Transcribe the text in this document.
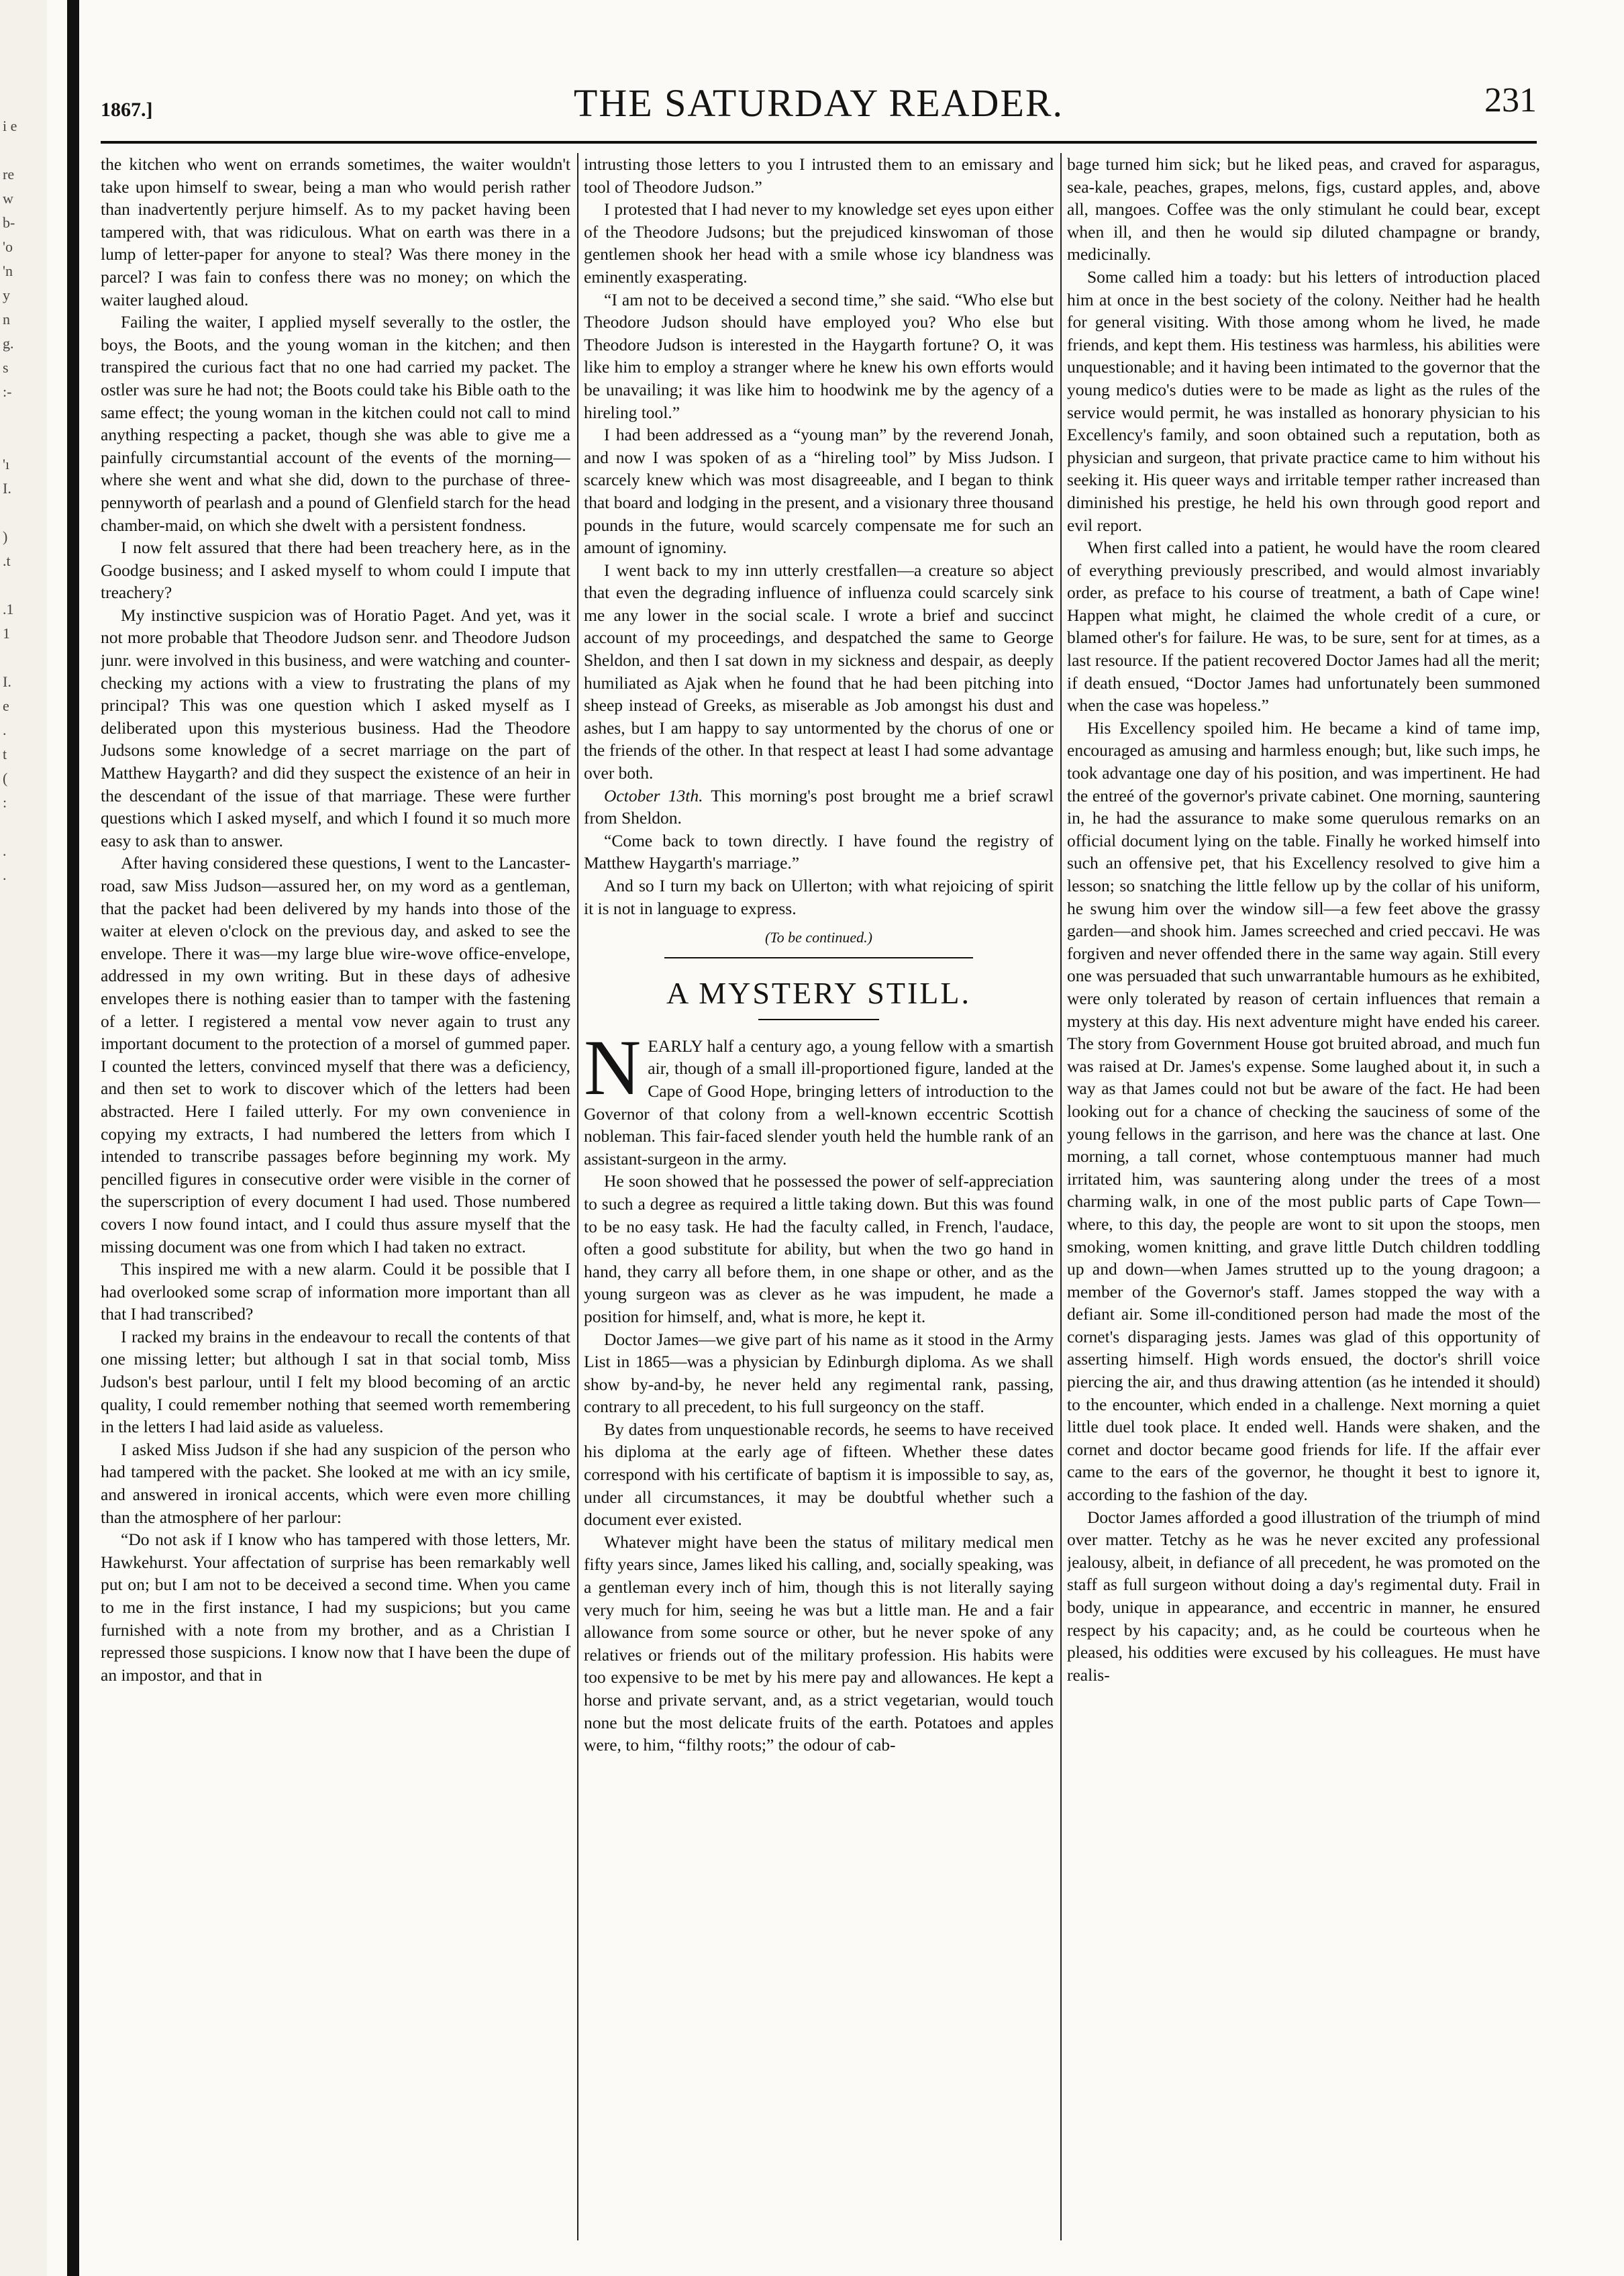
i e

re
w
b-
'o
'n
y
n
g.
s
:-

'ı
I.

)
.t

.1
1

I.
e
.
t
(
:

.
.
1867.]	THE SATURDAY READER.	231

the kitchen who went on errands sometimes, the waiter wouldn't take upon himself to swear, being a man who would perish rather than inadvertently perjure himself. As to my packet having been tampered with, that was ridiculous. What on earth was there in a lump of letter-paper for anyone to steal? Was there money in the parcel? I was fain to confess there was no money; on which the waiter laughed aloud.

Failing the waiter, I applied myself severally to the ostler, the boys, the Boots, and the young woman in the kitchen; and then transpired the curious fact that no one had carried my packet. The ostler was sure he had not; the Boots could take his Bible oath to the same effect; the young woman in the kitchen could not call to mind anything respecting a packet, though she was able to give me a painfully circumstantial account of the events of the morning—where she went and what she did, down to the purchase of three-pennyworth of pearlash and a pound of Glenfield starch for the head chamber-maid, on which she dwelt with a persistent fondness.

I now felt assured that there had been treachery here, as in the Goodge business; and I asked myself to whom could I impute that treachery?

My instinctive suspicion was of Horatio Paget. And yet, was it not more probable that Theodore Judson senr. and Theodore Judson junr. were involved in this business, and were watching and counter-checking my actions with a view to frustrating the plans of my principal? This was one question which I asked myself as I deliberated upon this mysterious business. Had the Theodore Judsons some knowledge of a secret marriage on the part of Matthew Haygarth? and did they suspect the existence of an heir in the descendant of the issue of that marriage. These were further questions which I asked myself, and which I found it so much more easy to ask than to answer.

After having considered these questions, I went to the Lancaster-road, saw Miss Judson—assured her, on my word as a gentleman, that the packet had been delivered by my hands into those of the waiter at eleven o'clock on the previous day, and asked to see the envelope. There it was—my large blue wire-wove office-envelope, addressed in my own writing. But in these days of adhesive envelopes there is nothing easier than to tamper with the fastening of a letter. I registered a mental vow never again to trust any important document to the protection of a morsel of gummed paper. I counted the letters, convinced myself that there was a deficiency, and then set to work to discover which of the letters had been abstracted. Here I failed utterly. For my own convenience in copying my extracts, I had numbered the letters from which I intended to transcribe passages before beginning my work. My pencilled figures in consecutive order were visible in the corner of the superscription of every document I had used. Those numbered covers I now found intact, and I could thus assure myself that the missing document was one from which I had taken no extract.

This inspired me with a new alarm. Could it be possible that I had overlooked some scrap of information more important than all that I had transcribed?

I racked my brains in the endeavour to recall the contents of that one missing letter; but although I sat in that social tomb, Miss Judson's best parlour, until I felt my blood becoming of an arctic quality, I could remember nothing that seemed worth remembering in the letters I had laid aside as valueless.

I asked Miss Judson if she had any suspicion of the person who had tampered with the packet. She looked at me with an icy smile, and answered in ironical accents, which were even more chilling than the atmosphere of her parlour:

“Do not ask if I know who has tampered with those letters, Mr. Hawkehurst. Your affectation of surprise has been remarkably well put on; but I am not to be deceived a second time. When you came to me in the first instance, I had my suspicions; but you came furnished with a note from my brother, and as a Christian I repressed those suspicions. I know now that I have been the dupe of an impostor, and that in

intrusting those letters to you I intrusted them to an emissary and tool of Theodore Judson.”

I protested that I had never to my knowledge set eyes upon either of the Theodore Judsons; but the prejudiced kinswoman of those gentlemen shook her head with a smile whose icy blandness was eminently exasperating.

“I am not to be deceived a second time,” she said. “Who else but Theodore Judson should have employed you? Who else but Theodore Judson is interested in the Haygarth fortune? O, it was like him to employ a stranger where he knew his own efforts would be unavailing; it was like him to hoodwink me by the agency of a hireling tool.”

I had been addressed as a “young man” by the reverend Jonah, and now I was spoken of as a “hireling tool” by Miss Judson. I scarcely knew which was most disagreeable, and I began to think that board and lodging in the present, and a visionary three thousand pounds in the future, would scarcely compensate me for such an amount of ignominy.

I went back to my inn utterly crestfallen—a creature so abject that even the degrading influence of influenza could scarcely sink me any lower in the social scale. I wrote a brief and succinct account of my proceedings, and despatched the same to George Sheldon, and then I sat down in my sickness and despair, as deeply humiliated as Ajak when he found that he had been pitching into sheep instead of Greeks, as miserable as Job amongst his dust and ashes, but I am happy to say untormented by the chorus of one or the friends of the other. In that respect at least I had some advantage over both.

October 13th. This morning's post brought me a brief scrawl from Sheldon.

“Come back to town directly. I have found the registry of Matthew Haygarth's marriage.”

And so I turn my back on Ullerton; with what rejoicing of spirit it is not in language to express.

(To be continued.)
A MYSTERY STILL.

NEARLY half a century ago, a young fellow with a smartish air, though of a small ill-proportioned figure, landed at the Cape of Good Hope, bringing letters of introduction to the Governor of that colony from a well-known eccentric Scottish nobleman. This fair-faced slender youth held the humble rank of an assistant-surgeon in the army.

He soon showed that he possessed the power of self-appreciation to such a degree as required a little taking down. But this was found to be no easy task. He had the faculty called, in French, l'audace, often a good substitute for ability, but when the two go hand in hand, they carry all before them, in one shape or other, and as the young surgeon was as clever as he was impudent, he made a position for himself, and, what is more, he kept it.

Doctor James—we give part of his name as it stood in the Army List in 1865—was a physician by Edinburgh diploma. As we shall show by-and-by, he never held any regimental rank, passing, contrary to all precedent, to his full surgeoncy on the staff.

By dates from unquestionable records, he seems to have received his diploma at the early age of fifteen. Whether these dates correspond with his certificate of baptism it is impossible to say, as, under all circumstances, it may be doubtful whether such a document ever existed.

Whatever might have been the status of military medical men fifty years since, James liked his calling, and, socially speaking, was a gentleman every inch of him, though this is not literally saying very much for him, seeing he was but a little man. He and a fair allowance from some source or other, but he never spoke of any relatives or friends out of the military profession. His habits were too expensive to be met by his mere pay and allowances. He kept a horse and private servant, and, as a strict vegetarian, would touch none but the most delicate fruits of the earth. Potatoes and apples were, to him, “filthy roots;” the odour of cab-

bage turned him sick; but he liked peas, and craved for asparagus, sea-kale, peaches, grapes, melons, figs, custard apples, and, above all, mangoes. Coffee was the only stimulant he could bear, except when ill, and then he would sip diluted champagne or brandy, medicinally.

Some called him a toady: but his letters of introduction placed him at once in the best society of the colony. Neither had he health for general visiting. With those among whom he lived, he made friends, and kept them. His testiness was harmless, his abilities were unquestionable; and it having been intimated to the governor that the young medico's duties were to be made as light as the rules of the service would permit, he was installed as honorary physician to his Excellency's family, and soon obtained such a reputation, both as physician and surgeon, that private practice came to him without his seeking it. His queer ways and irritable temper rather increased than diminished his prestige, he held his own through good report and evil report.

When first called into a patient, he would have the room cleared of everything previously prescribed, and would almost invariably order, as preface to his course of treatment, a bath of Cape wine! Happen what might, he claimed the whole credit of a cure, or blamed other's for failure. He was, to be sure, sent for at times, as a last resource. If the patient recovered Doctor James had all the merit; if death ensued, “Doctor James had unfortunately been summoned when the case was hopeless.”

His Excellency spoiled him. He became a kind of tame imp, encouraged as amusing and harmless enough; but, like such imps, he took advantage one day of his position, and was impertinent. He had the entreé of the governor's private cabinet. One morning, sauntering in, he had the assurance to make some querulous remarks on an official document lying on the table. Finally he worked himself into such an offensive pet, that his Excellency resolved to give him a lesson; so snatching the little fellow up by the collar of his uniform, he swung him over the window sill—a few feet above the grassy garden—and shook him. James screeched and cried peccavi. He was forgiven and never offended there in the same way again. Still every one was persuaded that such unwarrantable humours as he exhibited, were only tolerated by reason of certain influences that remain a mystery at this day. His next adventure might have ended his career. The story from Government House got bruited abroad, and much fun was raised at Dr. James's expense. Some laughed about it, in such a way as that James could not but be aware of the fact. He had been looking out for a chance of checking the sauciness of some of the young fellows in the garrison, and here was the chance at last. One morning, a tall cornet, whose contemptuous manner had much irritated him, was sauntering along under the trees of a most charming walk, in one of the most public parts of Cape Town—where, to this day, the people are wont to sit upon the stoops, men smoking, women knitting, and grave little Dutch children toddling up and down—when James strutted up to the young dragoon; a member of the Governor's staff. James stopped the way with a defiant air. Some ill-conditioned person had made the most of the cornet's disparaging jests. James was glad of this opportunity of asserting himself. High words ensued, the doctor's shrill voice piercing the air, and thus drawing attention (as he intended it should) to the encounter, which ended in a challenge. Next morning a quiet little duel took place. It ended well. Hands were shaken, and the cornet and doctor became good friends for life. If the affair ever came to the ears of the governor, he thought it best to ignore it, according to the fashion of the day.

Doctor James afforded a good illustration of the triumph of mind over matter. Tetchy as he was he never excited any professional jealousy, albeit, in defiance of all precedent, he was promoted on the staff as full surgeon without doing a day's regimental duty. Frail in body, unique in appearance, and eccentric in manner, he ensured respect by his capacity; and, as he could be courteous when he pleased, his oddities were excused by his colleagues. He must have realis-
